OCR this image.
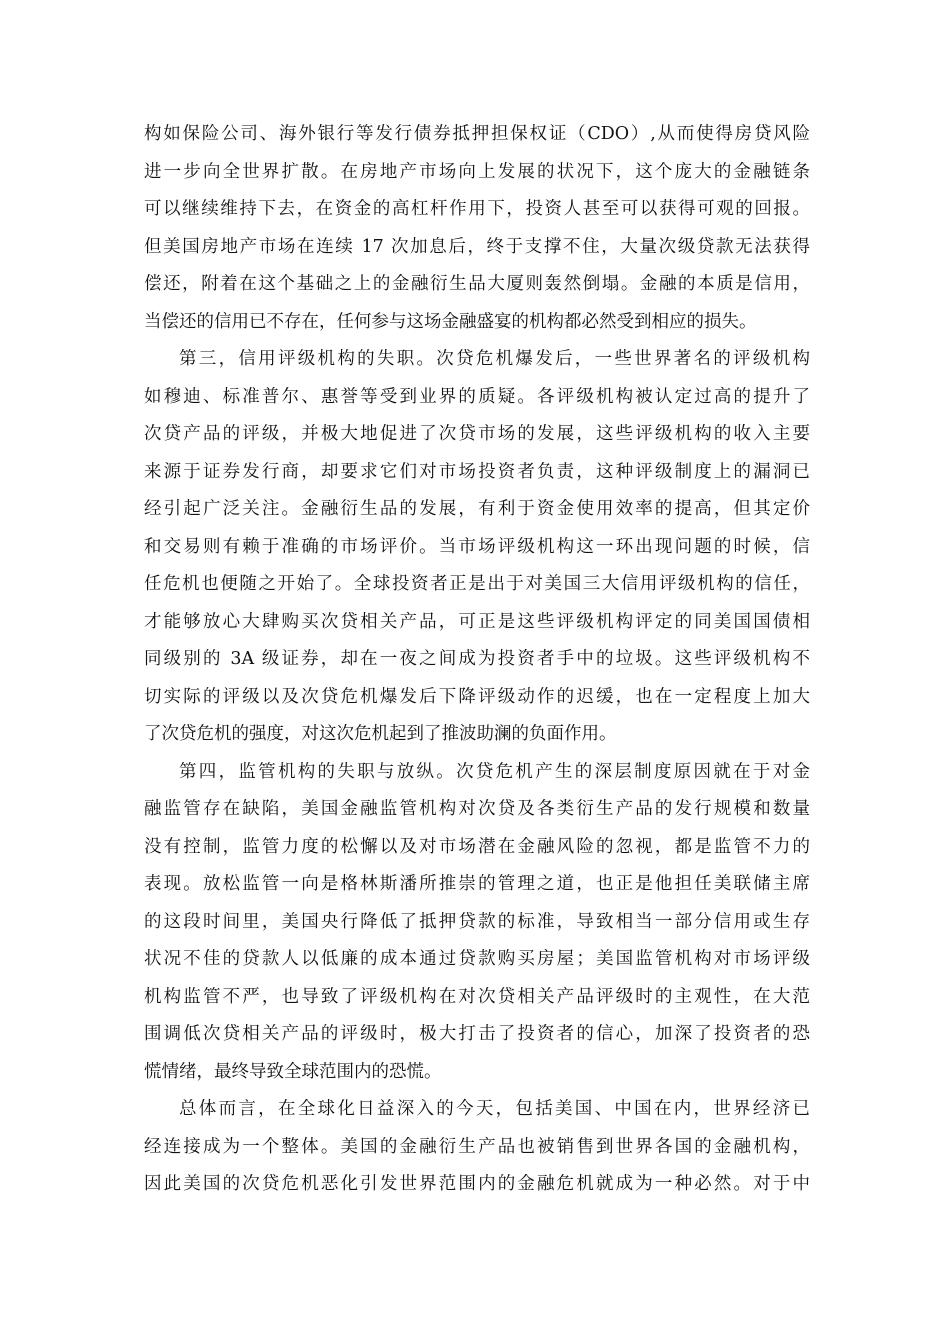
构如保险公司、海外银行等发行债券抵押担保权证（CDO）,从而使得房贷风险
进一步向全世界扩散。在房地产市场向上发展的状况下，这个庞大的金融链条
可以继续维持下去，在资金的高杠杆作用下，投资人甚至可以获得可观的回报。
但美国房地产市场在连续 17 次加息后，终于支撑不住，大量次级贷款无法获得
偿还，附着在这个基础之上的金融衍生品大厦则轰然倒塌。金融的本质是信用，
当偿还的信用已不存在，任何参与这场金融盛宴的机构都必然受到相应的损失。
第三，信用评级机构的失职。次贷危机爆发后，一些世界著名的评级机构
如穆迪、标准普尔、惠誉等受到业界的质疑。各评级机构被认定过高的提升了
次贷产品的评级，并极大地促进了次贷市场的发展，这些评级机构的收入主要
来源于证券发行商，却要求它们对市场投资者负责，这种评级制度上的漏洞已
经引起广泛关注。金融衍生品的发展，有利于资金使用效率的提高，但其定价
和交易则有赖于准确的市场评价。当市场评级机构这一环出现问题的时候，信
任危机也便随之开始了。全球投资者正是出于对美国三大信用评级机构的信任，
才能够放心大肆购买次贷相关产品，可正是这些评级机构评定的同美国国债相
同级别的 3A 级证券，却在一夜之间成为投资者手中的垃圾。这些评级机构不
切实际的评级以及次贷危机爆发后下降评级动作的迟缓，也在一定程度上加大
了次贷危机的强度，对这次危机起到了推波助澜的负面作用。
第四，监管机构的失职与放纵。次贷危机产生的深层制度原因就在于对金
融监管存在缺陷，美国金融监管机构对次贷及各类衍生产品的发行规模和数量
没有控制，监管力度的松懈以及对市场潜在金融风险的忽视，都是监管不力的
表现。放松监管一向是格林斯潘所推崇的管理之道，也正是他担任美联储主席
的这段时间里，美国央行降低了抵押贷款的标准，导致相当一部分信用或生存
状况不佳的贷款人以低廉的成本通过贷款购买房屋；美国监管机构对市场评级
机构监管不严，也导致了评级机构在对次贷相关产品评级时的主观性，在大范
围调低次贷相关产品的评级时，极大打击了投资者的信心，加深了投资者的恐
慌情绪，最终导致全球范围内的恐慌。
总体而言，在全球化日益深入的今天，包括美国、中国在内，世界经济已
经连接成为一个整体。美国的金融衍生产品也被销售到世界各国的金融机构，
因此美国的次贷危机恶化引发世界范围内的金融危机就成为一种必然。对于中
